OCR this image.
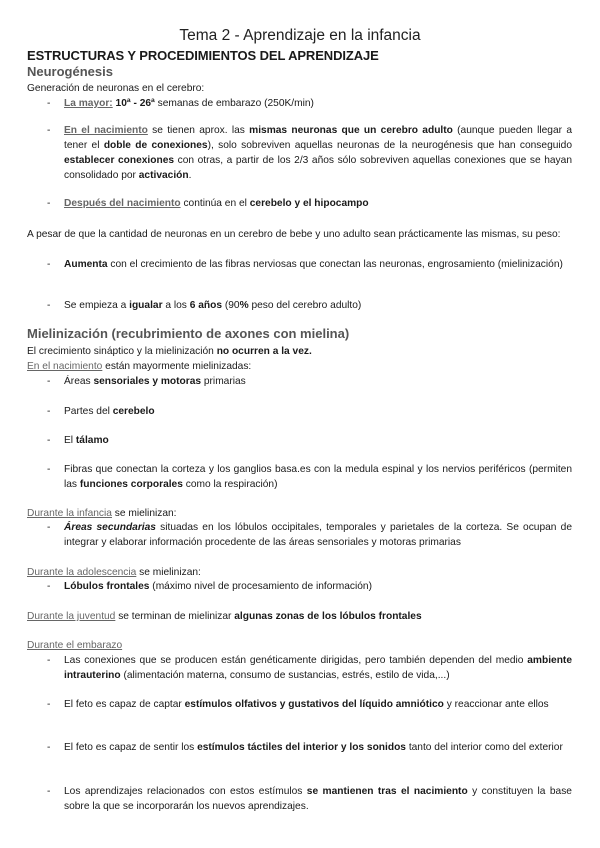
Tema 2 - Aprendizaje en la infancia
ESTRUCTURAS Y PROCEDIMIENTOS DEL APRENDIZAJE
Neurogénesis

Generación de neuronas en el cerebro:

- La mayor: 10ª - 26ª semanas de embarazo (250K/min)

- En el nacimiento se tienen aprox. las mismas neuronas que un cerebro adulto (aunque pueden llegar a tener el doble de conexiones), solo sobreviven aquellas neuronas de la neurogénesis que han conseguido establecer conexiones con otras, a partir de los 2/3 años sólo sobreviven aquellas conexiones que se hayan consolidado por activación.

- Después del nacimiento continúa en el cerebelo y el hipocampo

A pesar de que la cantidad de neuronas en un cerebro de bebe y uno adulto sean prácticamente las mismas, su peso:

- Aumenta con el crecimiento de las fibras nerviosas que conectan las neuronas, engrosamiento (mielinización)

- Se empieza a igualar a los 6 años (90% peso del cerebro adulto)

Mielinización (recubrimiento de axones con mielina)

El crecimiento sináptico y la mielinización no ocurren a la vez.

En el nacimiento están mayormente mielinizadas:

- Áreas sensoriales y motoras primarias

- Partes del cerebelo

- El tálamo

- Fibras que conectan la corteza y los ganglios basa.es con la medula espinal y los nervios periféricos (permiten las funciones corporales como la respiración)

Durante la infancia se mielinizan:

- Áreas secundarias situadas en los lóbulos occipitales, temporales y parietales de la corteza. Se ocupan de integrar y elaborar información procedente de las áreas sensoriales y motoras primarias

Durante la adolescencia se mielinizan:

- Lóbulos frontales (máximo nivel de procesamiento de información)

Durante la juventud se terminan de mielinizar algunas zonas de los lóbulos frontales

Durante el embarazo

- Las conexiones que se producen están genéticamente dirigidas, pero también dependen del medio ambiente intrauterino (alimentación materna, consumo de sustancias, estrés, estilo de vida,...)

- El feto es capaz de captar estímulos olfativos y gustativos del líquido amniótico y reaccionar ante ellos

- El feto es capaz de sentir los estímulos táctiles del interior y los sonidos tanto del interior como del exterior

- Los aprendizajes relacionados con estos estímulos se mantienen tras el nacimiento y constituyen la base sobre la que se incorporarán los nuevos aprendizajes.
